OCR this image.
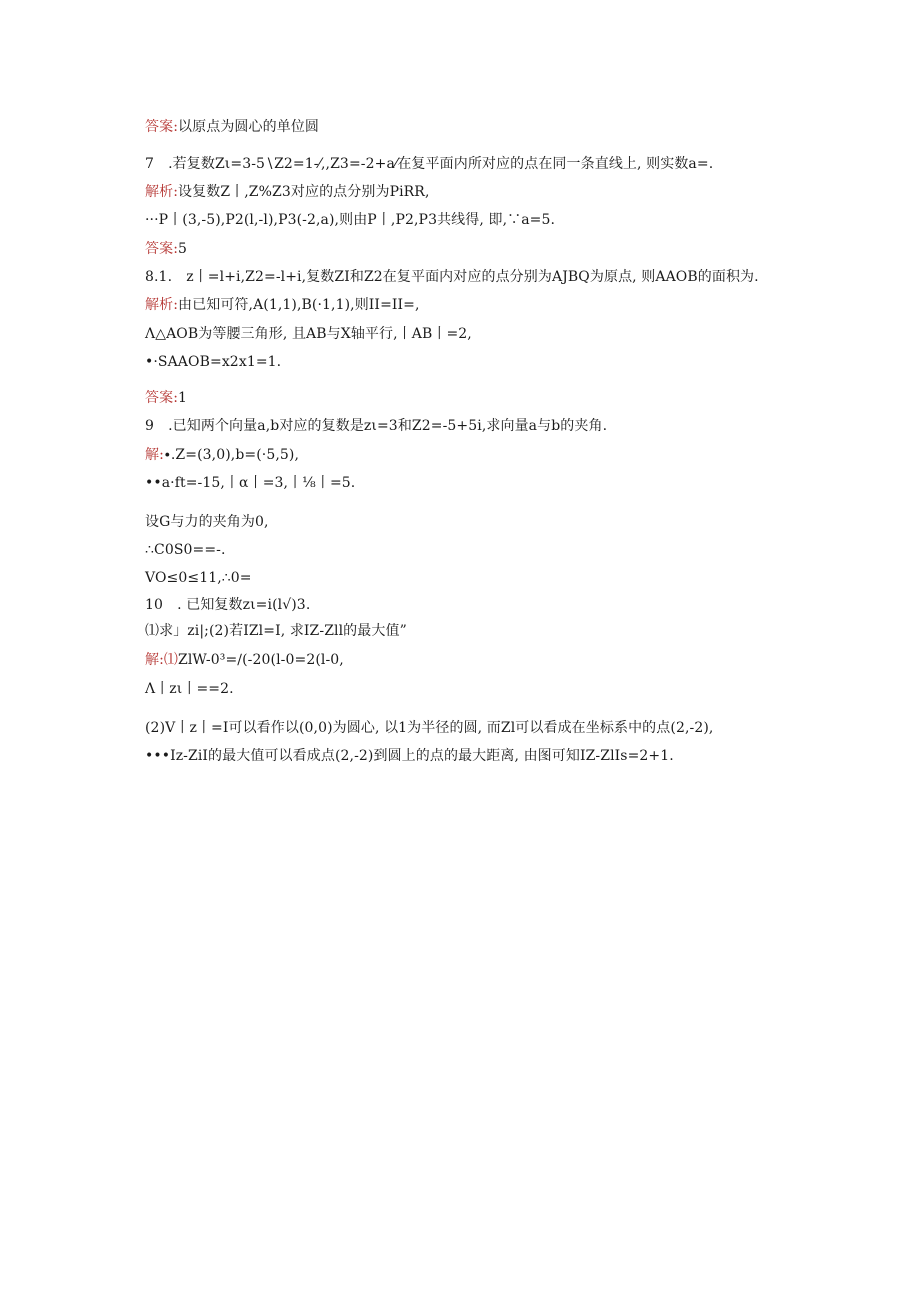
答案:以原点为圆心的单位圆
7　.若复数Zι=3-5∖Z2=1-⁄,,Z3=-2+a⁄在复平面内所对应的点在同一条直线上, 则实数a=.
解析:设复数Z丨,Z%Z3对应的点分别为PiRR,
···P丨(3,-5),P2(l,-l),P3(-2,a),则由P丨,P2,P3共线得, 即,∵a=5.
答案:5
8.1.　z丨=l+i,Z2=-l+i,复数ZI和Z2在复平面内对应的点分别为AJBQ为原点, 则AAOB的面积为.
解析:由已知可符,A(1,1),B(·1,1),则II=II=,
Λ△AOB为等腰三角形, 且AB与X轴平行,丨AB丨=2,
•·SAAOB=x2x1=1.
答案:1
9　.已知两个向量a,b对应的复数是zι=3和Z2=-5+5i,求向量a与b的夹角.
解:∙.Z=(3,0),b=(·5,5),
••a·ft=-15,丨α丨=3,丨⅛丨=5.
设G与力的夹角为0,
∴C0S0==-.
VO≤0≤11,∴0=
10　. 已知复数zι=i(l√)3.
⑴求」zi|;(2)若IZl=I, 求IZ-Zll的最大值”
解:⑴ZlW-0³=∕(-20(l-0=2(l-0,
Λ丨zι丨==2.
(2)V丨z丨=I可以看作以(0,0)为圆心, 以1为半径的圆, 而Zl可以看成在坐标系中的点(2,-2),
•••Iz-ZiI的最大值可以看成点(2,-2)到圆上的点的最大距离, 由图可知IZ-ZlIs=2+1.
